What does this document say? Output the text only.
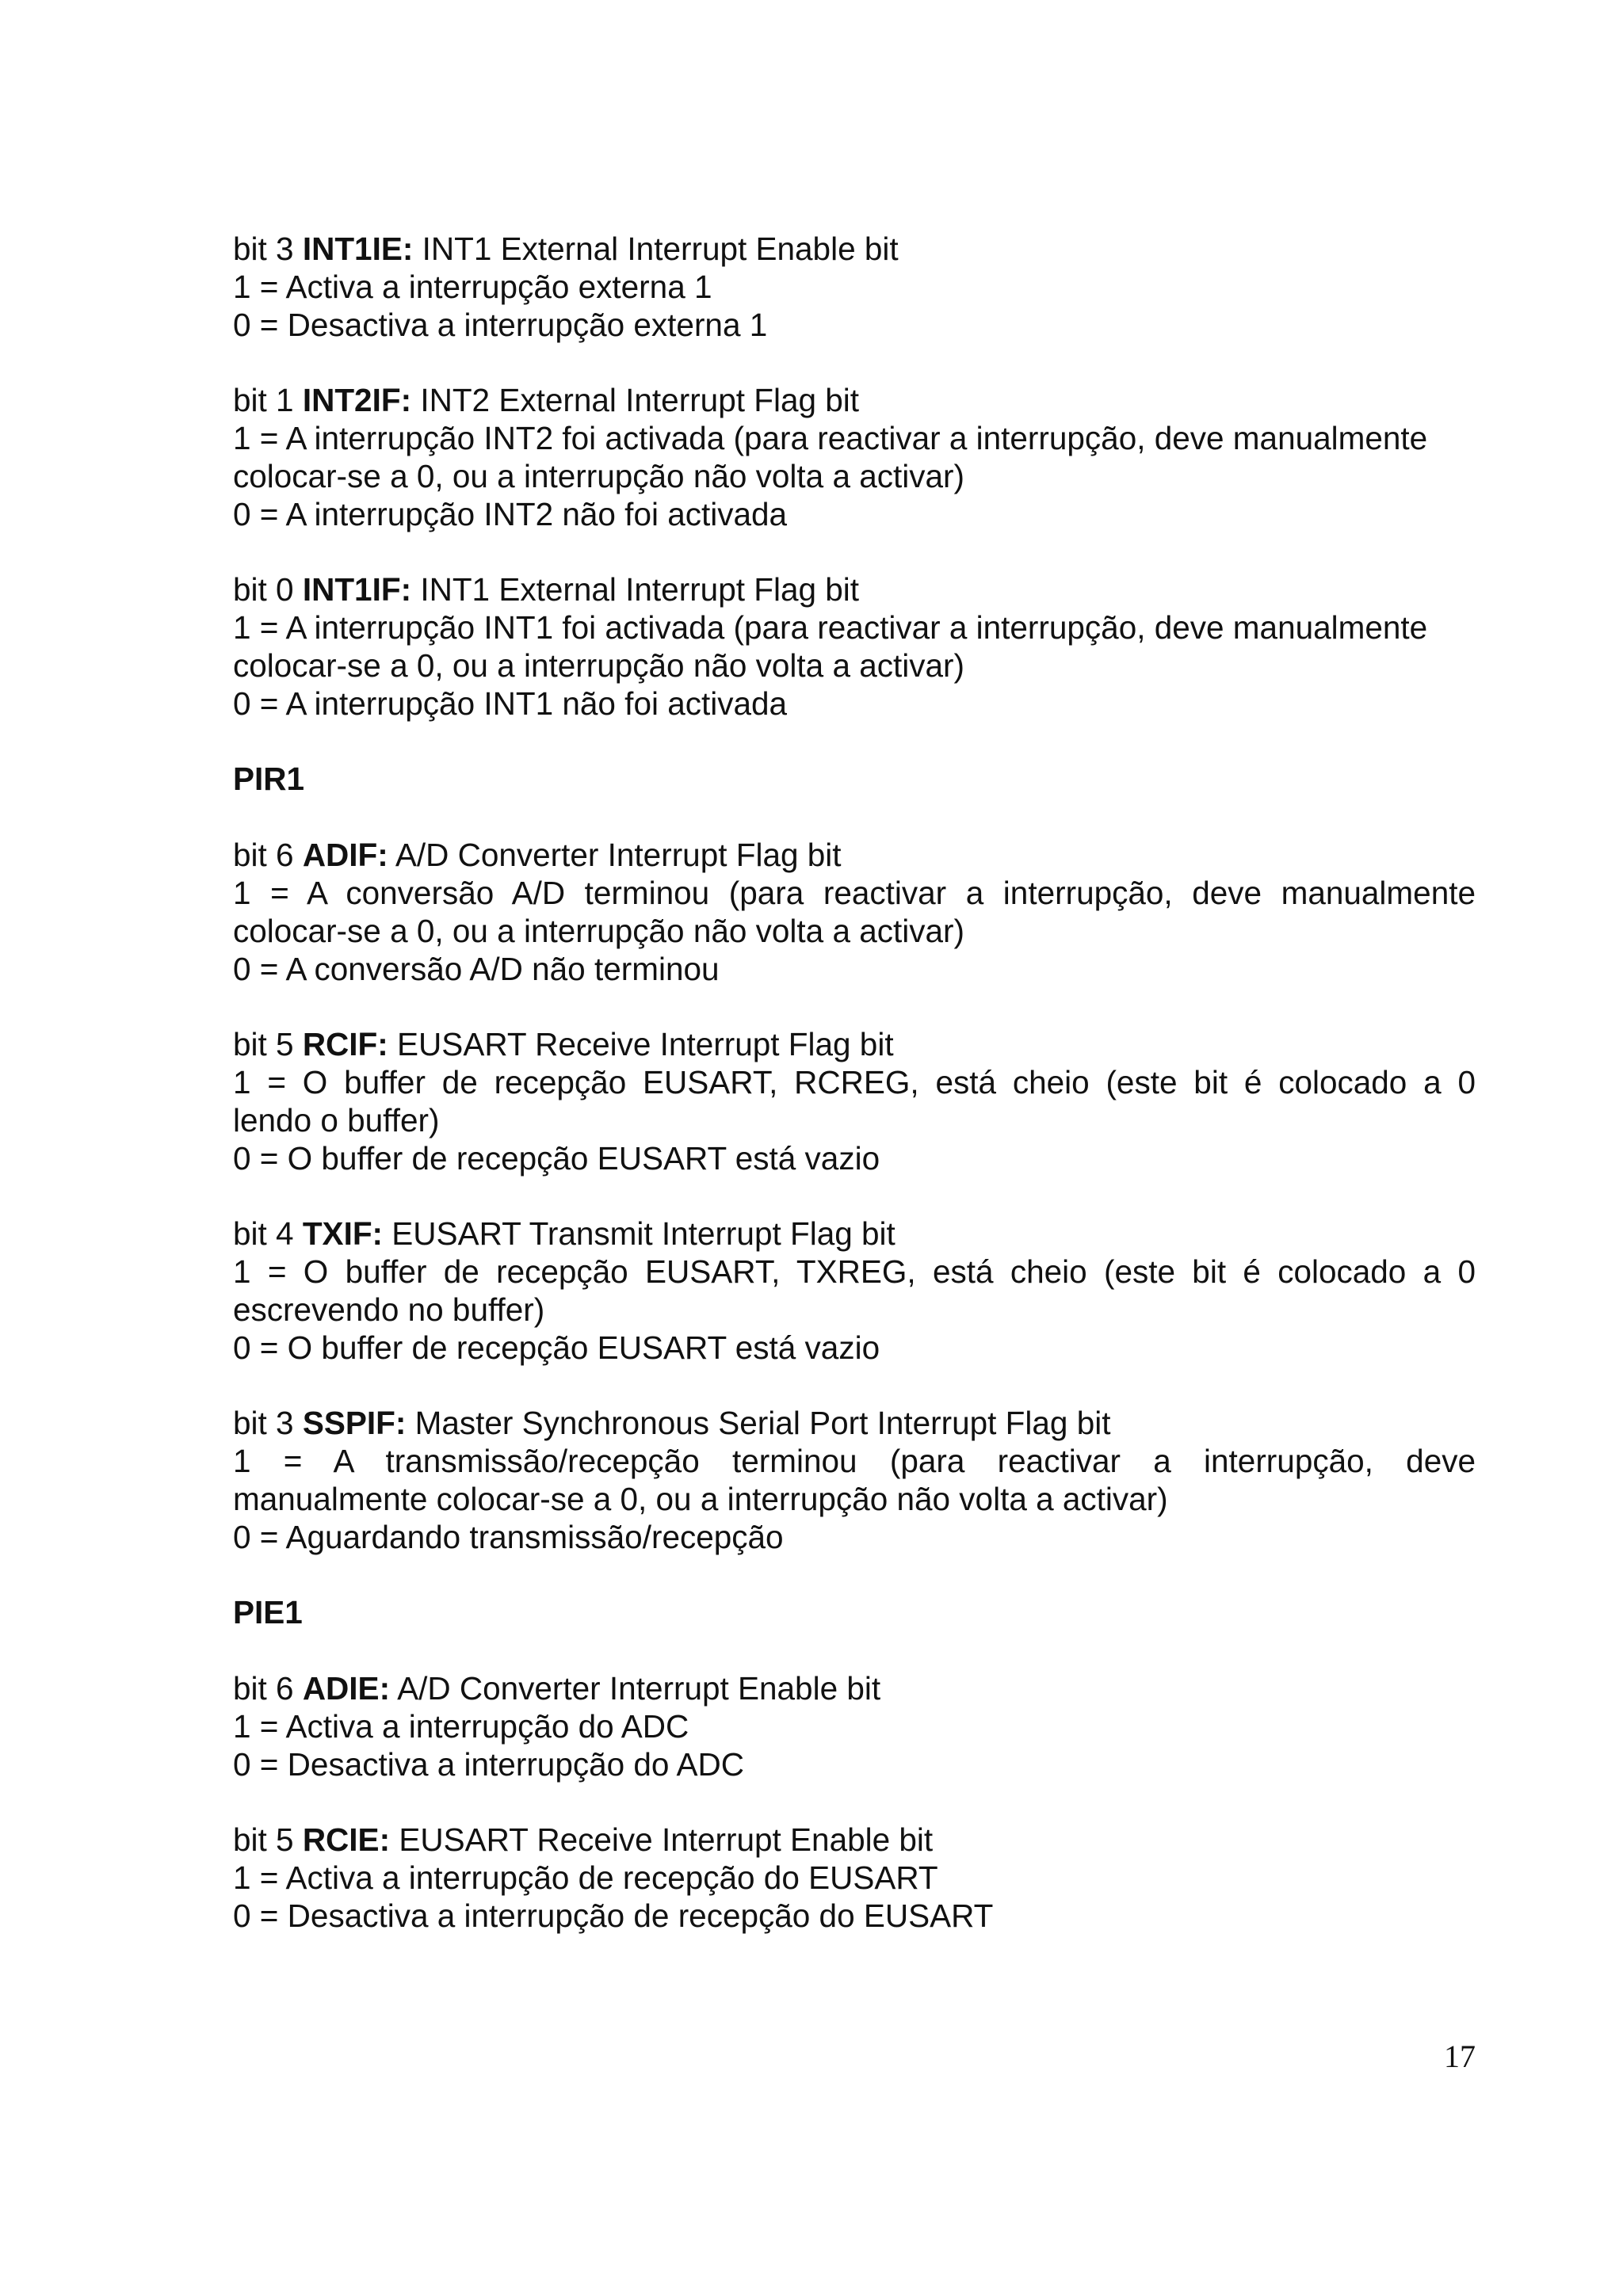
bit 3 INT1IE: INT1 External Interrupt Enable bit
1 = Activa a interrupção externa 1
0 = Desactiva a interrupção externa 1
bit 1 INT2IF: INT2 External Interrupt Flag bit
1 = A interrupção INT2 foi activada (para reactivar a interrupção, deve manualmente
colocar-se a 0, ou a interrupção não volta a activar)
0 = A interrupção INT2 não foi activada
bit 0 INT1IF: INT1 External Interrupt Flag bit
1 = A interrupção INT1 foi activada (para reactivar a interrupção, deve manualmente
colocar-se a 0, ou a interrupção não volta a activar)
0 = A interrupção INT1 não foi activada
PIR1
bit 6 ADIF: A/D Converter Interrupt Flag bit
1 = A conversão A/D terminou (para reactivar a interrupção, deve manualmente
colocar-se a 0, ou a interrupção não volta a activar)
0 = A conversão A/D não terminou
bit 5 RCIF: EUSART Receive Interrupt Flag bit
1 = O buffer de recepção EUSART, RCREG, está cheio (este bit é colocado a 0
lendo o buffer)
0 = O buffer de recepção EUSART está vazio
bit 4 TXIF: EUSART Transmit Interrupt Flag bit
1 = O buffer de recepção EUSART, TXREG, está cheio (este bit é colocado a 0
escrevendo no buffer)
0 = O buffer de recepção EUSART está vazio
bit 3 SSPIF: Master Synchronous Serial Port Interrupt Flag bit
1 = A transmissão/recepção terminou (para reactivar a interrupção, deve
manualmente colocar-se a 0, ou a interrupção não volta a activar)
0 = Aguardando transmissão/recepção
PIE1
bit 6 ADIE: A/D Converter Interrupt Enable bit
1 = Activa a interrupção do ADC
0 = Desactiva a interrupção do ADC
bit 5 RCIE: EUSART Receive Interrupt Enable bit
1 = Activa a interrupção de recepção do EUSART
0 = Desactiva a interrupção de recepção do EUSART
17
